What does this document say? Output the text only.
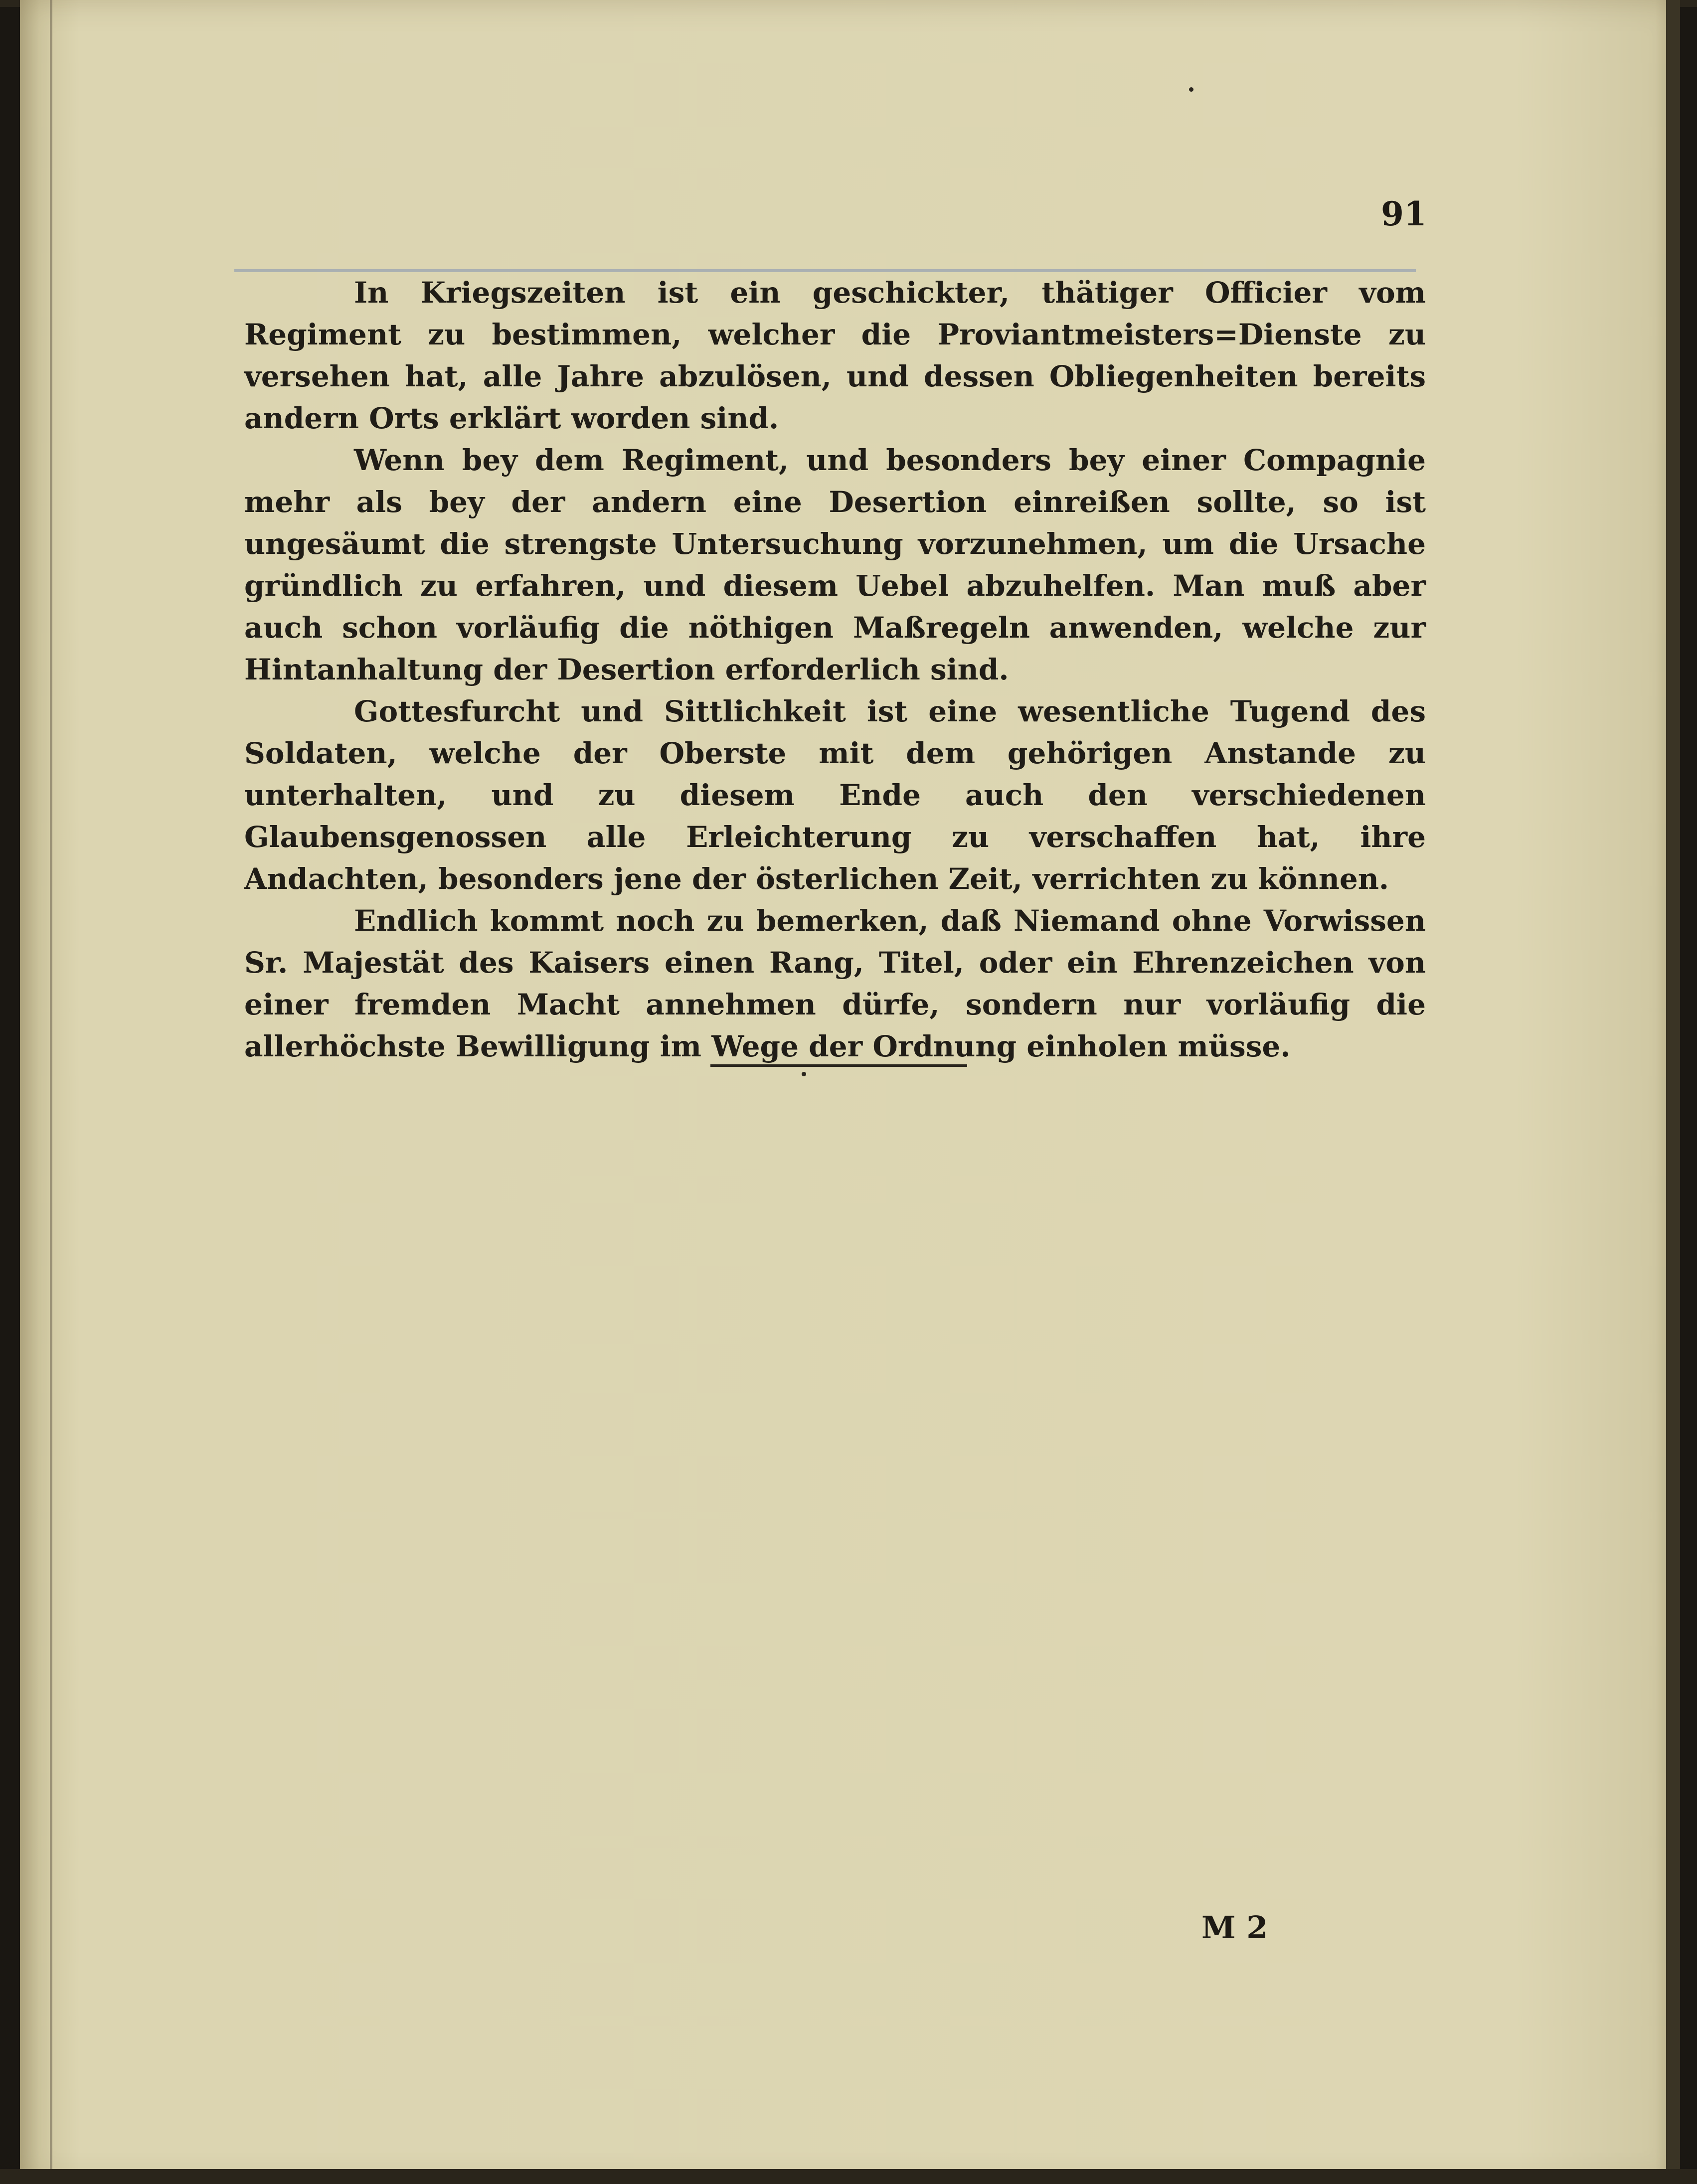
91

In Kriegszeiten ist ein geschickter, thätiger Officier vom Regiment zu bestimmen, welcher die Proviantmeisters=Dienste zu versehen hat, alle Jahre abzulösen, und dessen Obliegenheiten bereits andern Orts erklärt worden sind.

Wenn bey dem Regiment, und besonders bey einer Compagnie mehr als bey der andern eine Desertion einreißen sollte, so ist ungesäumt die strengste Untersuchung vorzunehmen, um die Ursache gründlich zu erfahren, und diesem Uebel abzuhelfen. Man muß aber auch schon vorläufig die nöthigen Maßregeln anwenden, welche zur Hintanhaltung der Desertion erforderlich sind.

Gottesfurcht und Sittlichkeit ist eine wesentliche Tugend des Soldaten, welche der Oberste mit dem gehörigen Anstande zu unterhalten, und zu diesem Ende auch den verschiedenen Glaubensgenossen alle Erleichterung zu verschaffen hat, ihre Andachten, besonders jene der österlichen Zeit, verrichten zu können.

Endlich kommt noch zu bemerken, daß Niemand ohne Vorwissen Sr. Majestät des Kaisers einen Rang, Titel, oder ein Ehrenzeichen von einer fremden Macht annehmen dürfe, sondern nur vorläufig die allerhöchste Bewilligung im Wege der Ordnung einholen müsse.

M 2
